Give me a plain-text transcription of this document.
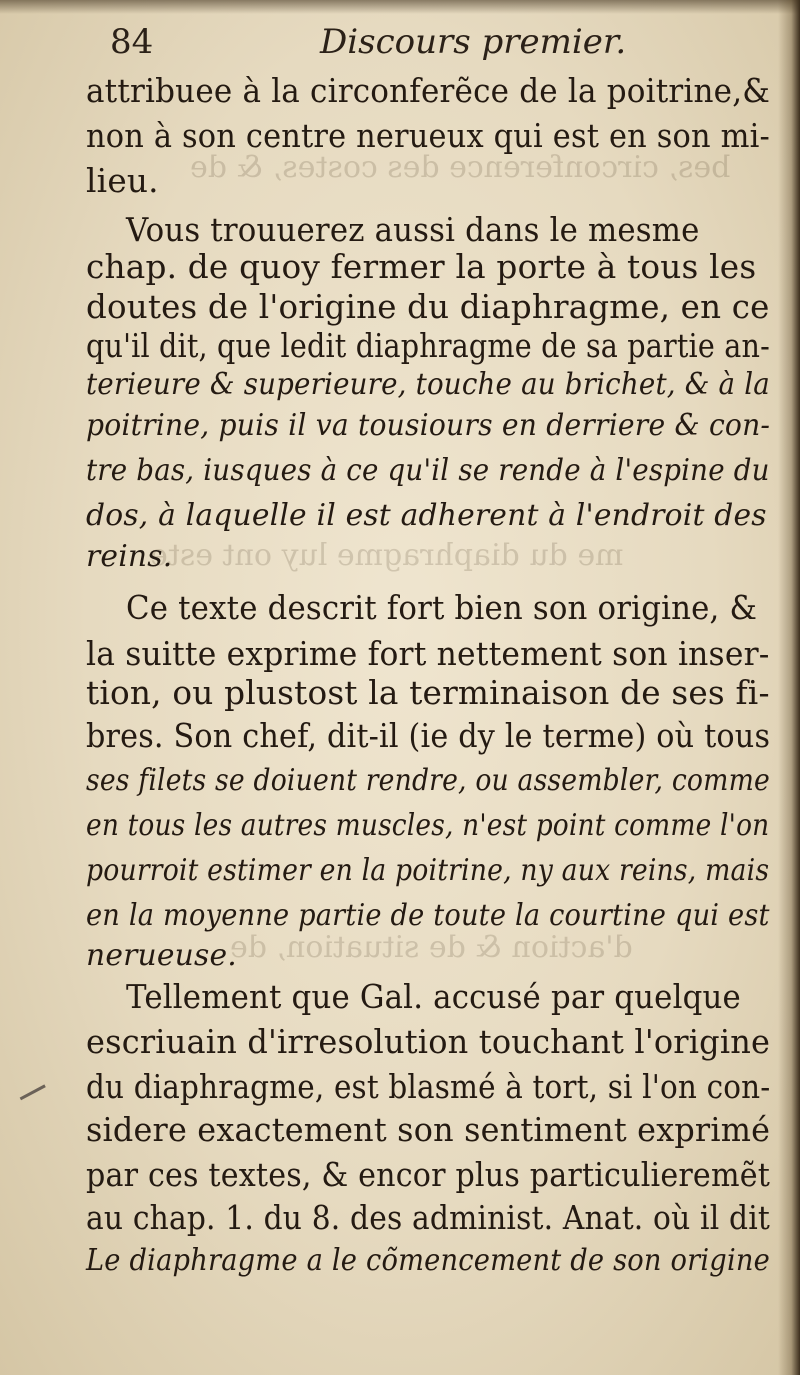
bes, circonference des costes, & de
me du diaphragme luy ont este
d'action & de situation, de
84	Discours premier.
attribuee à la circonferẽce de la poitrine,&
non à son centre nerueux qui est en son mi-
lieu.
Vous trouuerez aussi dans le mesme
chap. de quoy fermer la porte à tous les
doutes de l'origine du diaphragme, en ce
qu'il dit, que ledit diaphragme de sa partie an-
terieure & superieure, touche au brichet, & à la
poitrine, puis il va tousiours en derriere & con-
tre bas, iusques à ce qu'il se rende à l'espine du
dos, à laquelle il est adherent à l'endroit des
reins.
Ce texte descrit fort bien son origine, &
la suitte exprime fort nettement son inser-
tion, ou plustost la terminaison de ses fi-
bres. Son chef, dit-il (ie dy le terme) où tous
ses filets se doiuent rendre, ou assembler, comme
en tous les autres muscles, n'est point comme l'on
pourroit estimer en la poitrine, ny aux reins, mais
en la moyenne partie de toute la courtine qui est
nerueuse.
Tellement que Gal. accusé par quelque
escriuain d'irresolution touchant l'origine
du diaphragme, est blasmé à tort, si l'on con-
sidere exactement son sentiment exprimé
par ces textes, & encor plus particulieremẽt
au chap. 1. du 8. des administ. Anat. où il dit
Le diaphragme a le cõmencement de son origine
